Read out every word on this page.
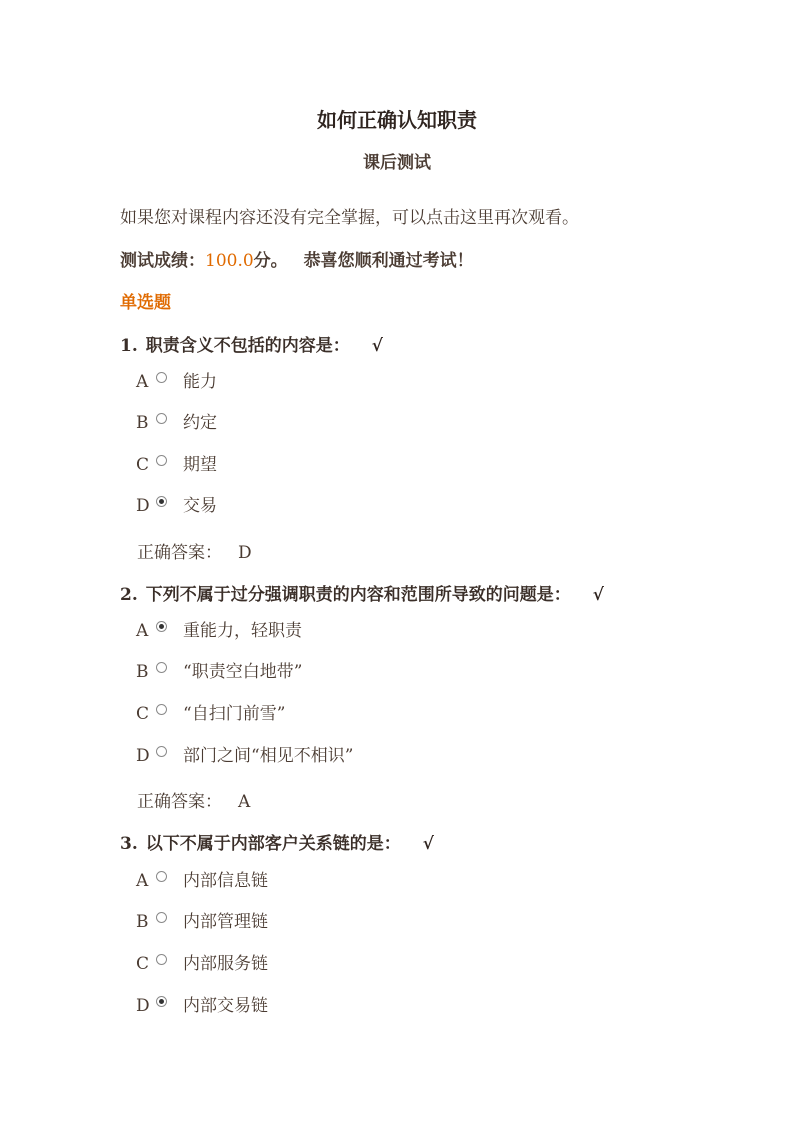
如何正确认知职责
课后测试
如果您对课程内容还没有完全掌握，可以点击这里再次观看。
测试成绩：100.0分。 恭喜您顺利通过考试！
单选题
1. 职责含义不包括的内容是： √
A 能力
B 约定
C 期望
D 交易
正确答案： D
2. 下列不属于过分强调职责的内容和范围所导致的问题是： √
A 重能力，轻职责
B “职责空白地带”
C “自扫门前雪”
D 部门之间“相见不相识”
正确答案： A
3. 以下不属于内部客户关系链的是： √
A 内部信息链
B 内部管理链
C 内部服务链
D 内部交易链
